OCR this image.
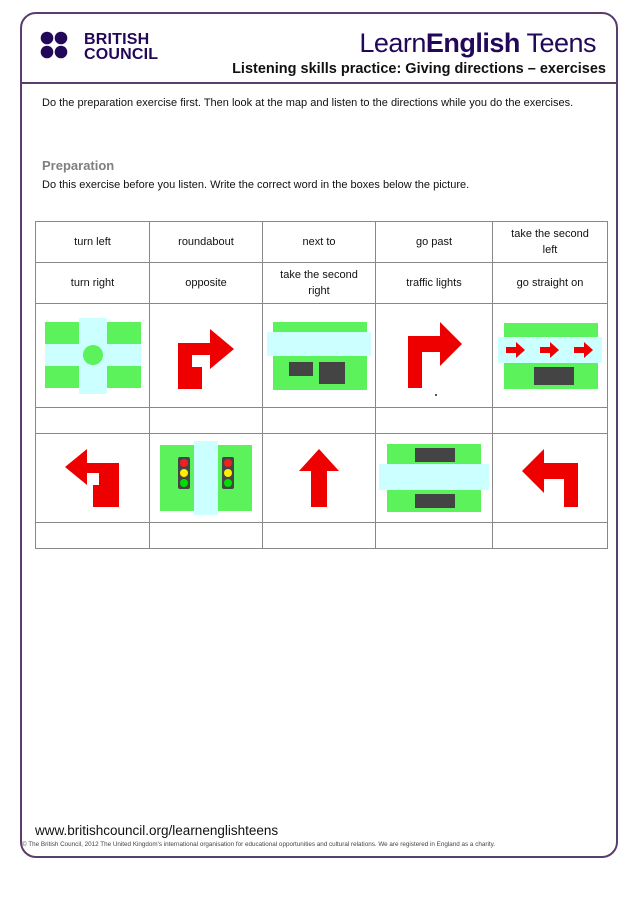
BRITISH
COUNCIL	LearnEnglish Teens
Listening skills practice: Giving directions – exercises
Do the preparation exercise first. Then look at the map and listen to the directions while you do the exercises.
Preparation
Do this exercise before you listen. Write the correct word in the boxes below the picture.
turn left	roundabout	next to	go past	take the second left
turn right	opposite	take the second right	traffic lights	go straight on

www.britishcouncil.org/learnenglishteens
© The British Council, 2012 The United Kingdom's international organisation for educational opportunities and cultural relations. We are registered in England as a charity.
